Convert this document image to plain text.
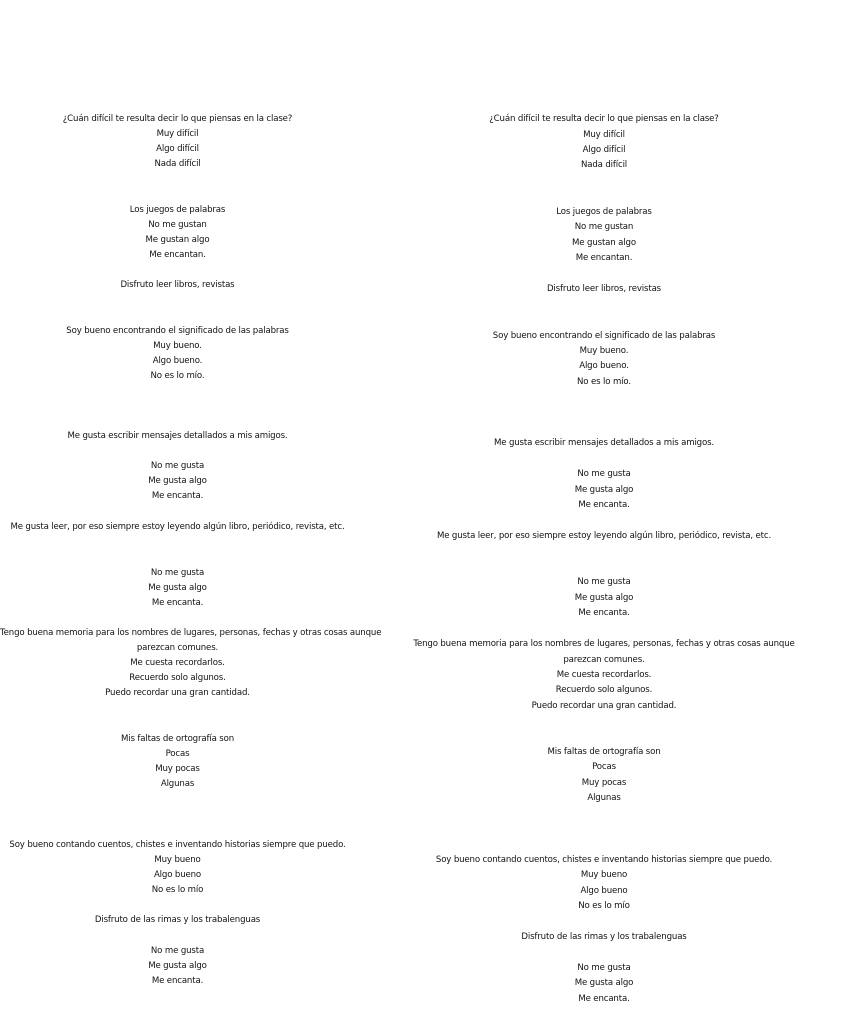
¿Cuán difícil te resulta decir lo que piensas en la clase?
Muy difícil
Algo difícil
Nada difícil
Los juegos de palabras
No me gustan
Me gustan algo
Me encantan.
Disfruto leer libros, revistas
Soy bueno encontrando el significado de las palabras
Muy bueno.
Algo bueno.
No es lo mío.
Me gusta escribir mensajes detallados a mis amigos.
No me gusta
Me gusta algo
Me encanta.
Me gusta leer, por eso siempre estoy leyendo algún libro, periódico, revista, etc.
No me gusta
Me gusta algo
Me encanta.
Tengo buena memoria para los nombres de lugares, personas, fechas y otras cosas aunque
parezcan comunes.
Me cuesta recordarlos.
Recuerdo solo algunos.
Puedo recordar una gran cantidad.
Mis faltas de ortografía son
Pocas
Muy pocas
Algunas
Soy bueno contando cuentos, chistes e inventando historias siempre que puedo.
Muy bueno
Algo bueno
No es lo mío
Disfruto de las rimas y los trabalenguas
No me gusta
Me gusta algo
Me encanta.
¿Cuán difícil te resulta decir lo que piensas en la clase?
Muy difícil
Algo difícil
Nada difícil
Los juegos de palabras
No me gustan
Me gustan algo
Me encantan.
Disfruto leer libros, revistas
Soy bueno encontrando el significado de las palabras
Muy bueno.
Algo bueno.
No es lo mío.
Me gusta escribir mensajes detallados a mis amigos.
No me gusta
Me gusta algo
Me encanta.
Me gusta leer, por eso siempre estoy leyendo algún libro, periódico, revista, etc.
No me gusta
Me gusta algo
Me encanta.
Tengo buena memoria para los nombres de lugares, personas, fechas y otras cosas aunque
parezcan comunes.
Me cuesta recordarlos.
Recuerdo solo algunos.
Puedo recordar una gran cantidad.
Mis faltas de ortografía son
Pocas
Muy pocas
Algunas
Soy bueno contando cuentos, chistes e inventando historias siempre que puedo.
Muy bueno
Algo bueno
No es lo mío
Disfruto de las rimas y los trabalenguas
No me gusta
Me gusta algo
Me encanta.
